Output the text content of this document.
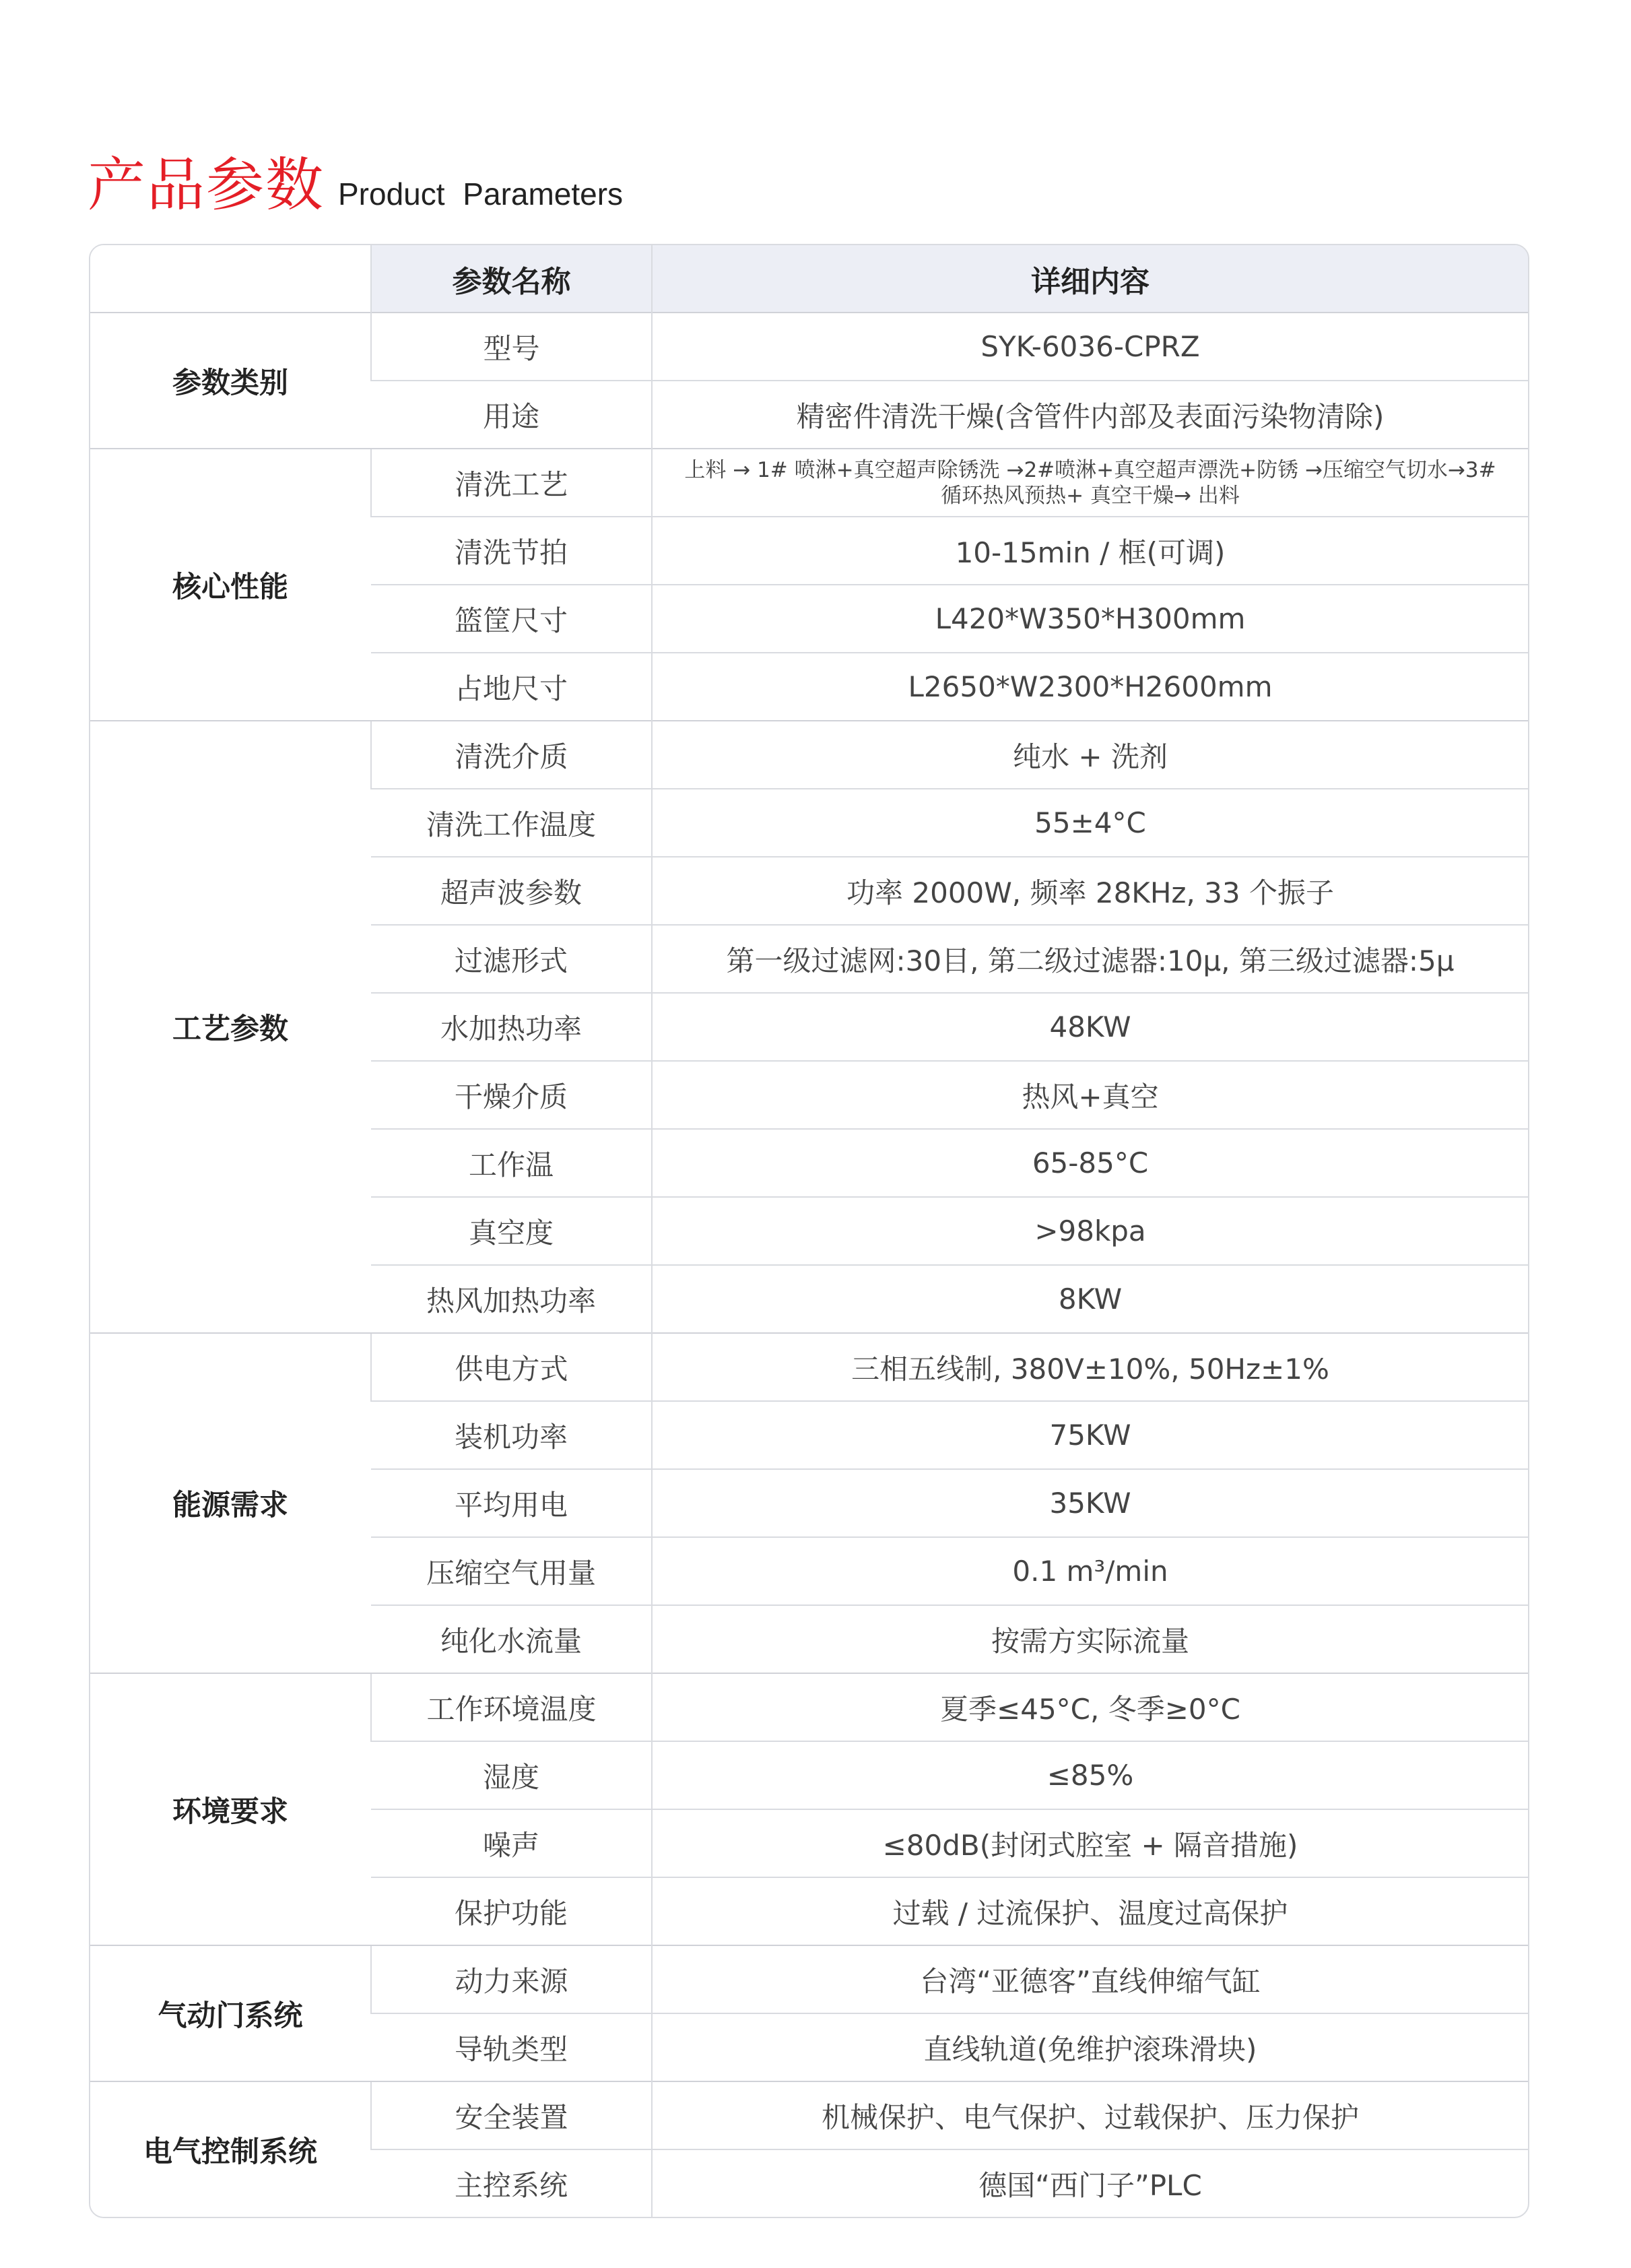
产品参数 Product Parameters
	参数名称	详细内容
参数类别	型号	SYK-6036-CPRZ
	用途	精密件清洗干燥(含管件内部及表面污染物清除)
核心性能	清洗工艺	上料 → 1# 喷淋+真空超声除锈洗 →2#喷淋+真空超声漂洗+防锈 →压缩空气切水→3#循环热风预热+ 真空干燥→ 出料
	清洗节拍	10-15min / 框(可调)
	篮筐尺寸	L420*W350*H300mm
	占地尺寸	L2650*W2300*H2600mm
工艺参数	清洗介质	纯水 + 洗剂
	清洗工作温度	55±4°C
	超声波参数	功率 2000W, 频率 28KHz, 33 个振子
	过滤形式	第一级过滤网:30目, 第二级过滤器:10μ, 第三级过滤器:5μ
	水加热功率	48KW
	干燥介质	热风+真空
	工作温	65-85°C
	真空度	>98kpa
	热风加热功率	8KW
能源需求	供电方式	三相五线制, 380V±10%, 50Hz±1%
	装机功率	75KW
	平均用电	35KW
	压缩空气用量	0.1 m³/min
	纯化水流量	按需方实际流量
环境要求	工作环境温度	夏季≤45°C, 冬季≥0°C
	湿度	≤85%
	噪声	≤80dB(封闭式腔室 + 隔音措施)
	保护功能	过载 / 过流保护、温度过高保护
气动门系统	动力来源	台湾“亚德客”直线伸缩气缸
	导轨类型	直线轨道(免维护滚珠滑块)
电气控制系统	安全装置	机械保护、电气保护、过载保护、压力保护
	主控系统	德国“西门子”PLC
